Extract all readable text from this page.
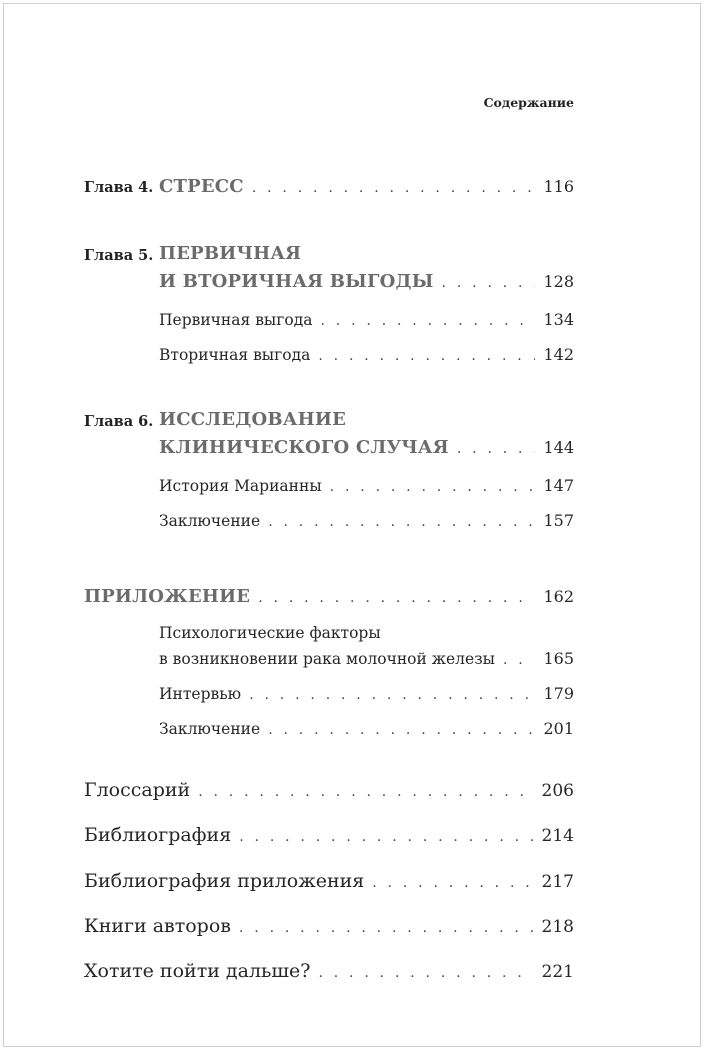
Содержание
Глава 4. СТРЕСС . . .	116
Глава 5. ПЕРВИЧНАЯ
И ВТОРИЧНАЯ ВЫГОДЫ . . .	128
Первичная выгода . . .	134
Вторичная выгода . . .	142
Глава 6. ИССЛЕДОВАНИЕ
КЛИНИЧЕСКОГО СЛУЧАЯ . . .	144
История Марианны . . .	147
Заключение . . .	157
ПРИЛОЖЕНИЕ . . .	162
Психологические факторы
в возникновении рака молочной железы . . .	165
Интервью . . .	179
Заключение . . .	201
Глоссарий . . .	206
Библиография . . .	214
Библиография приложения . . .	217
Книги авторов . . .	218
Хотите пойти дальше? . . .	221
